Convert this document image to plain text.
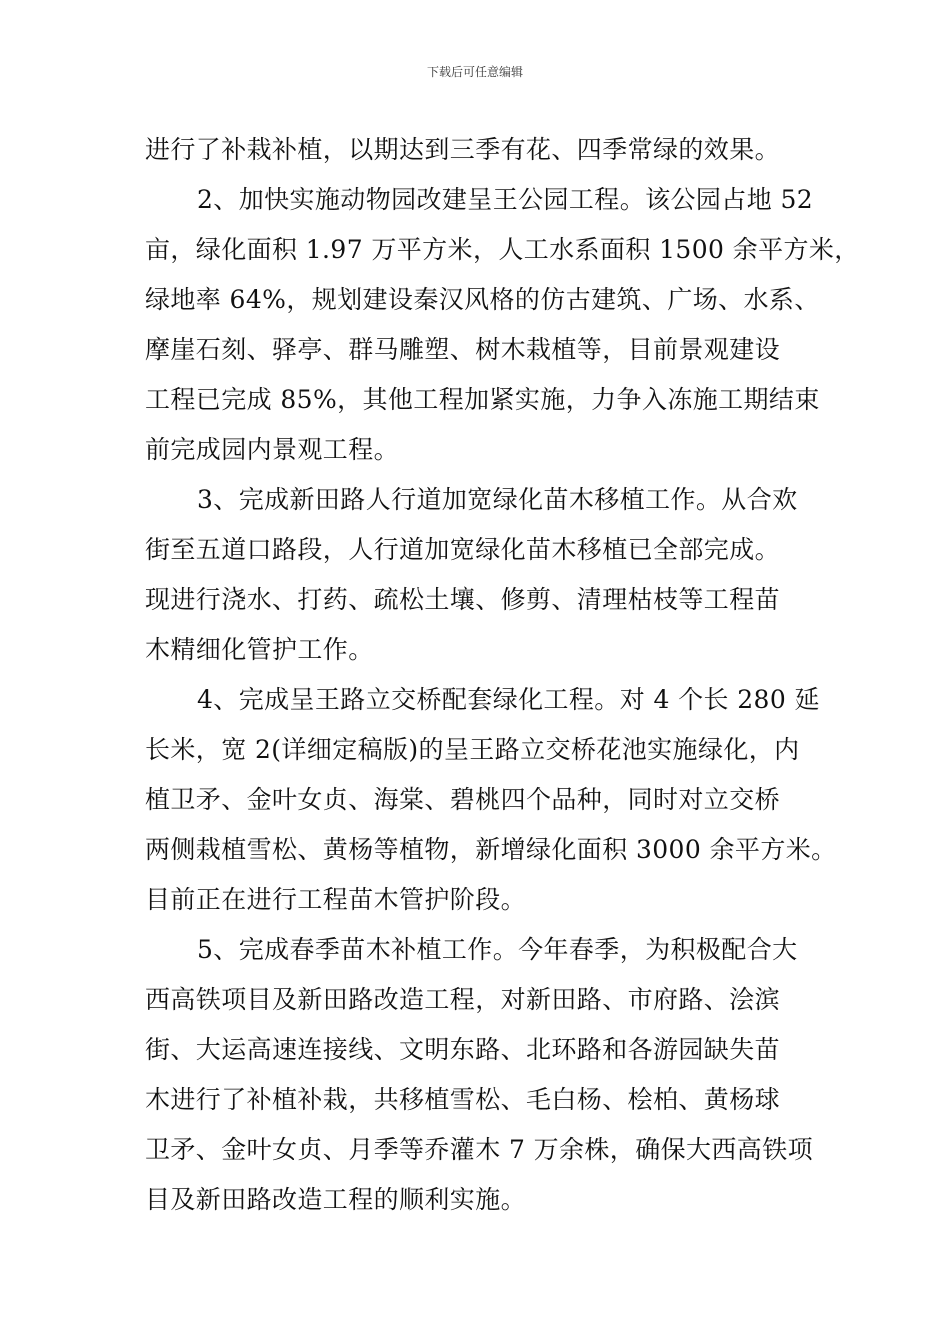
下载后可任意编辑
进行了补栽补植，以期达到三季有花、四季常绿的效果。
2、加快实施动物园改建呈王公园工程。该公园占地 52
亩，绿化面积 1.97 万平方米，人工水系面积 1500 余平方米，
绿地率 64%，规划建设秦汉风格的仿古建筑、广场、水系、
摩崖石刻、驿亭、群马雕塑、树木栽植等，目前景观建设
工程已完成 85%，其他工程加紧实施，力争入冻施工期结束
前完成园内景观工程。
3、完成新田路人行道加宽绿化苗木移植工作。从合欢
街至五道口路段，人行道加宽绿化苗木移植已全部完成。
现进行浇水、打药、疏松土壤、修剪、清理枯枝等工程苗
木精细化管护工作。
4、完成呈王路立交桥配套绿化工程。对 4 个长 280 延
长米，宽 2(详细定稿版)的呈王路立交桥花池实施绿化，内
植卫矛、金叶女贞、海棠、碧桃四个品种，同时对立交桥
两侧栽植雪松、黄杨等植物，新增绿化面积 3000 余平方米。
目前正在进行工程苗木管护阶段。
5、完成春季苗木补植工作。今年春季，为积极配合大
西高铁项目及新田路改造工程，对新田路、市府路、浍滨
街、大运高速连接线、文明东路、北环路和各游园缺失苗
木进行了补植补栽，共移植雪松、毛白杨、桧柏、黄杨球
卫矛、金叶女贞、月季等乔灌木 7 万余株，确保大西高铁项
目及新田路改造工程的顺利实施。
